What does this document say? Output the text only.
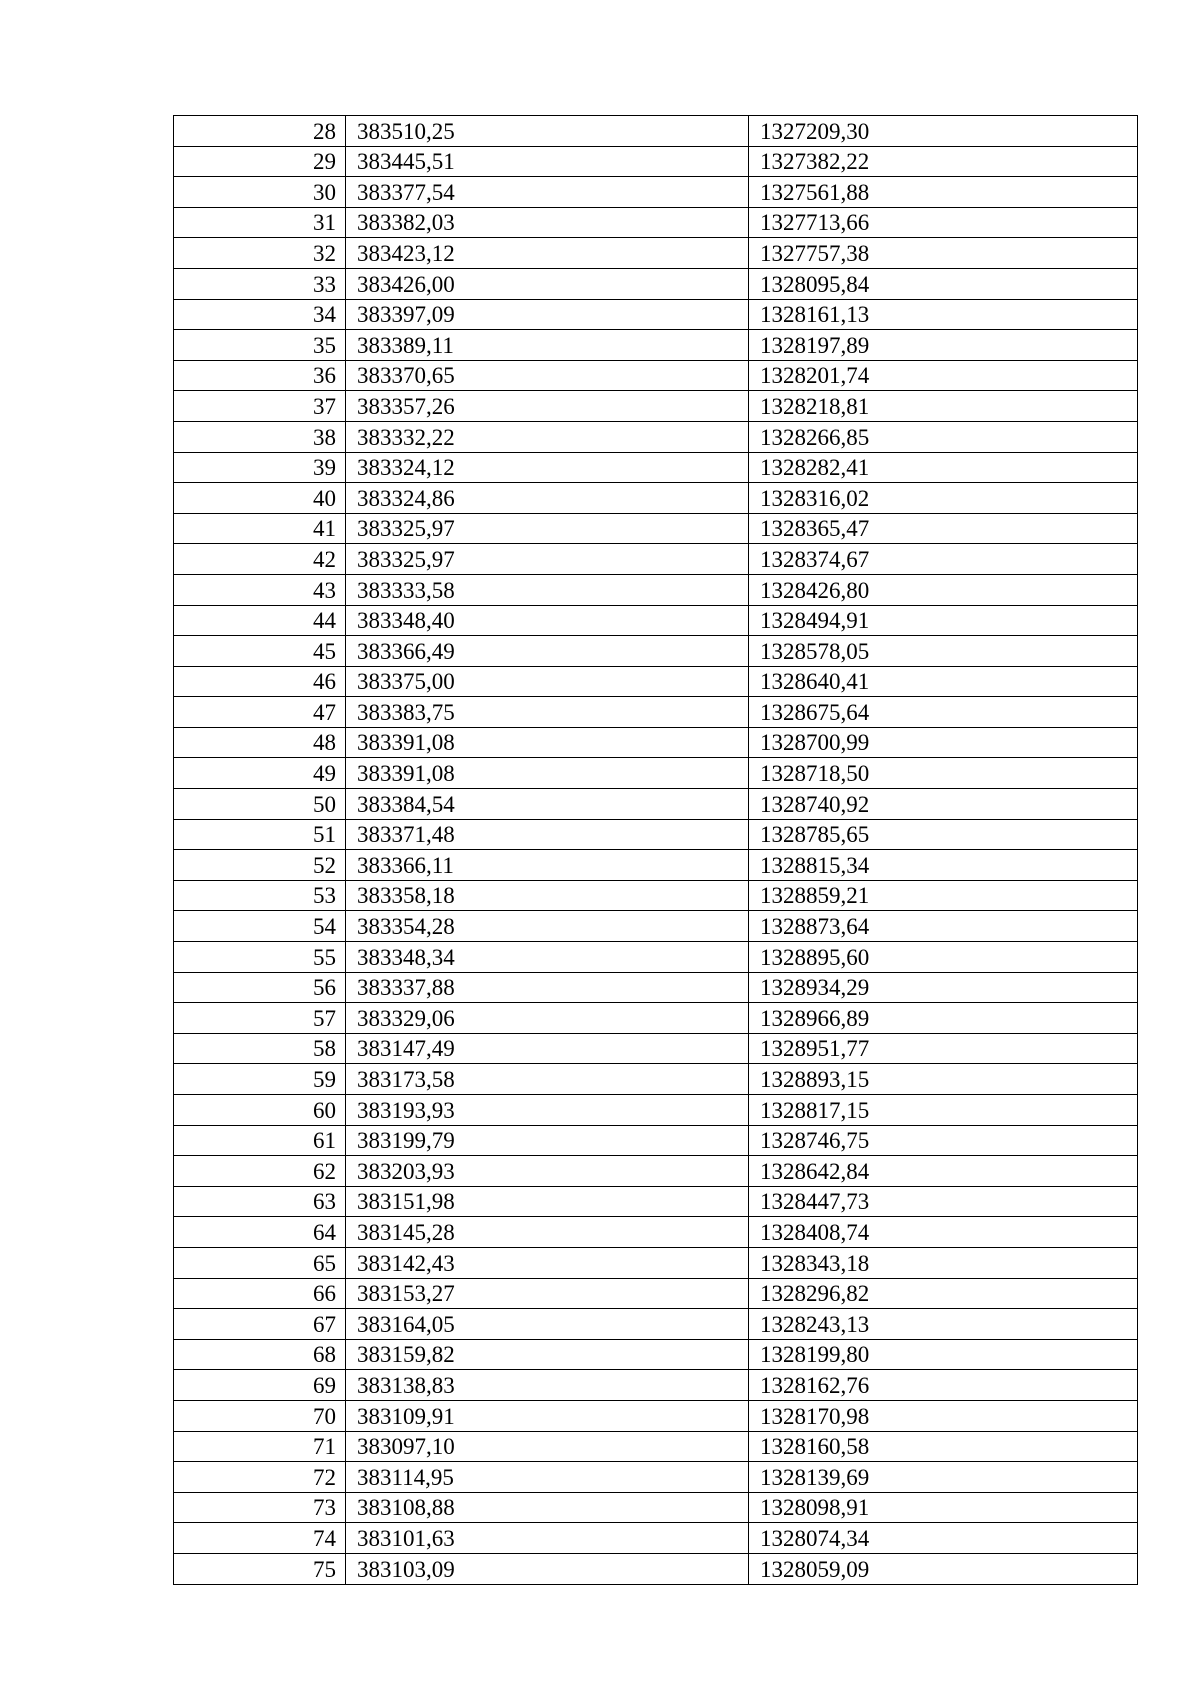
28	383510,25	1327209,30
29	383445,51	1327382,22
30	383377,54	1327561,88
31	383382,03	1327713,66
32	383423,12	1327757,38
33	383426,00	1328095,84
34	383397,09	1328161,13
35	383389,11	1328197,89
36	383370,65	1328201,74
37	383357,26	1328218,81
38	383332,22	1328266,85
39	383324,12	1328282,41
40	383324,86	1328316,02
41	383325,97	1328365,47
42	383325,97	1328374,67
43	383333,58	1328426,80
44	383348,40	1328494,91
45	383366,49	1328578,05
46	383375,00	1328640,41
47	383383,75	1328675,64
48	383391,08	1328700,99
49	383391,08	1328718,50
50	383384,54	1328740,92
51	383371,48	1328785,65
52	383366,11	1328815,34
53	383358,18	1328859,21
54	383354,28	1328873,64
55	383348,34	1328895,60
56	383337,88	1328934,29
57	383329,06	1328966,89
58	383147,49	1328951,77
59	383173,58	1328893,15
60	383193,93	1328817,15
61	383199,79	1328746,75
62	383203,93	1328642,84
63	383151,98	1328447,73
64	383145,28	1328408,74
65	383142,43	1328343,18
66	383153,27	1328296,82
67	383164,05	1328243,13
68	383159,82	1328199,80
69	383138,83	1328162,76
70	383109,91	1328170,98
71	383097,10	1328160,58
72	383114,95	1328139,69
73	383108,88	1328098,91
74	383101,63	1328074,34
75	383103,09	1328059,09
